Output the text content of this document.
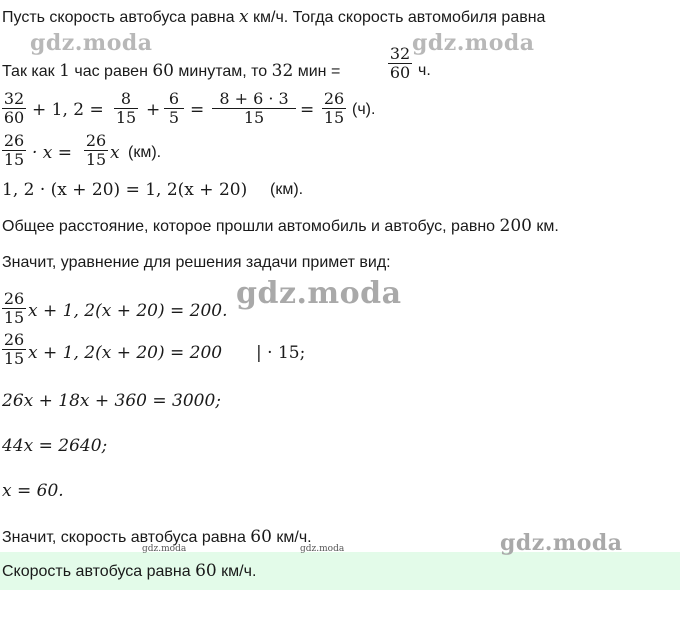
Пусть скорость автобуса равна x км/ч. Тогда скорость автомобиля равна
Так как 1 час равен 60 минутам, то 32 мин =	$\frac{32}{60} ч$.
$\frac{32}{60} + 1$, $2 = \frac{8}{15} + \frac{6}{5} = \frac{8 + 6 \cdot 3}{15} = \frac{26}{15} (ч)$.
$\frac{26}{15} \cdot x = \frac{26}{15}$ x (км).
1, 2 · (x + 20) = 1, 2(x + 20) (км).
Общее расстояние, которое прошли автомобиль и автобус, равно 200 км.
Значит, уравнение для решения задачи примет вид:
$\frac{26}{15}$ x + 1, 2(x + 20) = 200.
$\frac{26}{15}$ x + 1, 2(x + 20) = 200 | · 15;
26x + 18x + 360 = 3000;
44x = 2640;
x = 60.
Значит, скорость автобуса равна 60 км/ч.
Скорость автобуса равна 60 км/ч.
gdz.moda	gdz.moda
gdz.moda
gdz.moda
gdz.moda	gdz.moda
